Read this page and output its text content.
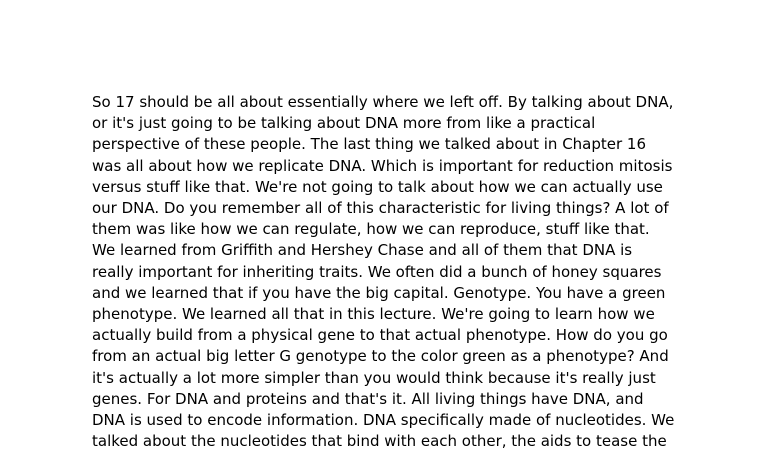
So 17 should be all about essentially where we left off. By talking about DNA,
or it's just going to be talking about DNA more from like a practical
perspective of these people. The last thing we talked about in Chapter 16
was all about how we replicate DNA. Which is important for reduction mitosis
versus stuff like that. We're not going to talk about how we can actually use
our DNA. Do you remember all of this characteristic for living things? A lot of
them was like how we can regulate, how we can reproduce, stuff like that.
We learned from Griffith and Hershey Chase and all of them that DNA is
really important for inheriting traits. We often did a bunch of honey squares
and we learned that if you have the big capital. Genotype. You have a green
phenotype. We learned all that in this lecture. We're going to learn how we
actually build from a physical gene to that actual phenotype. How do you go
from an actual big letter G genotype to the color green as a phenotype? And
it's actually a lot more simpler than you would think because it's really just
genes. For DNA and proteins and that's it. All living things have DNA, and
DNA is used to encode information. DNA specifically made of nucleotides. We
talked about the nucleotides that bind with each other, the aids to tease the
